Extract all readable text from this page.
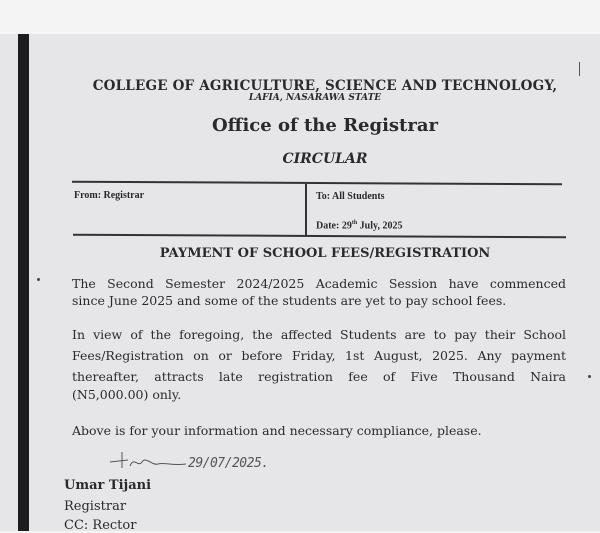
COLLEGE OF AGRICULTURE, SCIENCE AND TECHNOLOGY,
LAFIA, NASARAWA STATE
Office of the Registrar
CIRCULAR
From: Registrar	To: All Students
Date: 29th July, 2025
PAYMENT OF SCHOOL FEES/REGISTRATION
The Second Semester 2024/2025 Academic Session have commenced
since June 2025 and some of the students are yet to pay school fees.
In view of the foregoing, the affected Students are to pay their School
Fees/Registration on or before Friday, 1st August, 2025. Any payment
thereafter, attracts late registration fee of Five Thousand Naira
(N5,000.00) only.
Above is for your information and necessary compliance, please.
29/07/2025.
Umar Tijani
Registrar
CC: Rector
